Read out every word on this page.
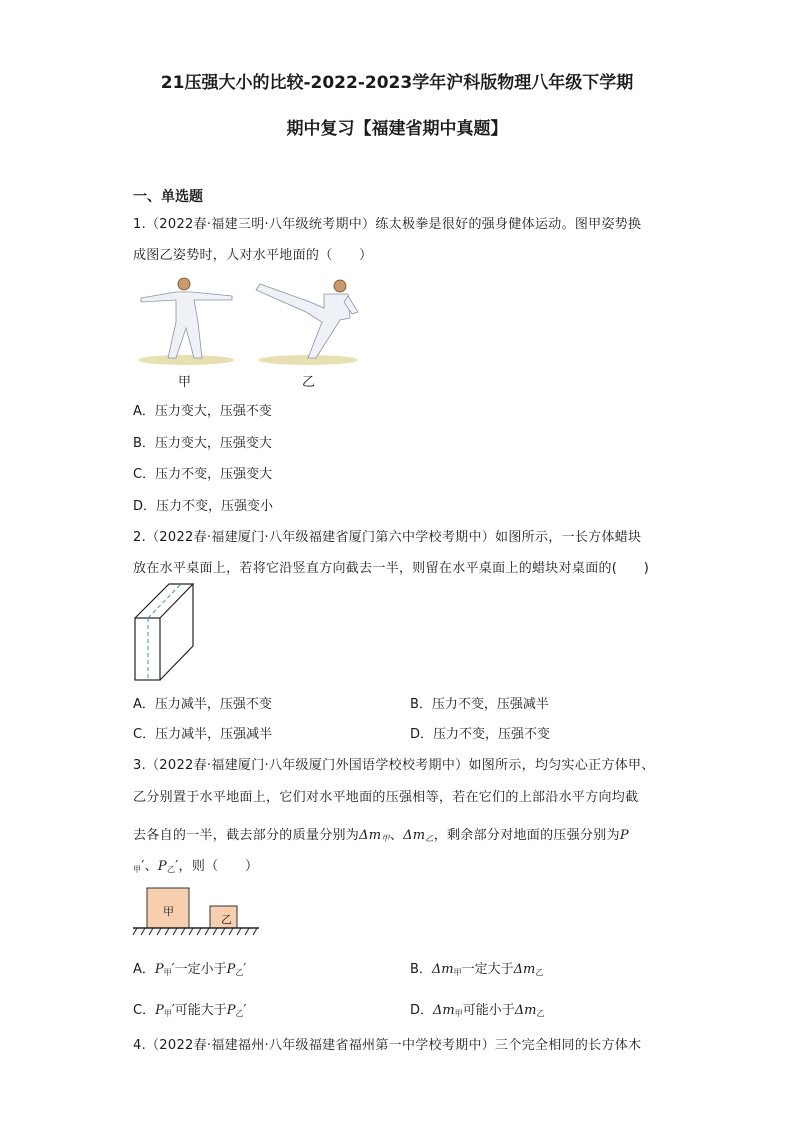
21压强大小的比较-2022-2023学年沪科版物理八年级下学期
期中复习【福建省期中真题】
一、单选题
1.（2022春·福建三明·八年级统考期中）练太极拳是很好的强身健体运动。图甲姿势换
成图乙姿势时，人对水平地面的（　　）
甲	乙
A．压力变大，压强不变
B．压力变大，压强变大
C．压力不变，压强变大
D．压力不变，压强变小
2.（2022春·福建厦门·八年级福建省厦门第六中学校考期中）如图所示，一长方体蜡块
放在水平桌面上，若将它沿竖直方向截去一半，则留在水平桌面上的蜡块对桌面的(　　)
A．压力减半，压强不变	B．压力不变，压强减半
C．压力减半，压强减半	D．压力不变，压强不变
3.（2022春·福建厦门·八年级厦门外国语学校校考期中）如图所示，均匀实心正方体甲、
乙分别置于水平地面上，它们对水平地面的压强相等，若在它们的上部沿水平方向均截
去各自的一半，截去部分的质量分别为$\Delta m_甲$、$\Delta m_乙$，剩余部分对地面的压强分别为P
$_甲$′、$P_乙'$，则（　　）
甲
乙
A．$P_甲'$一定小于$P_乙'$	B．$\Delta m_甲$一定大于$\Delta m_乙$
C．$P_甲'$可能大于$P_乙'$	D．$\Delta m_甲$可能小于$\Delta m_乙$
4.（2022春·福建福州·八年级福建省福州第一中学校考期中）三个完全相同的长方体木
